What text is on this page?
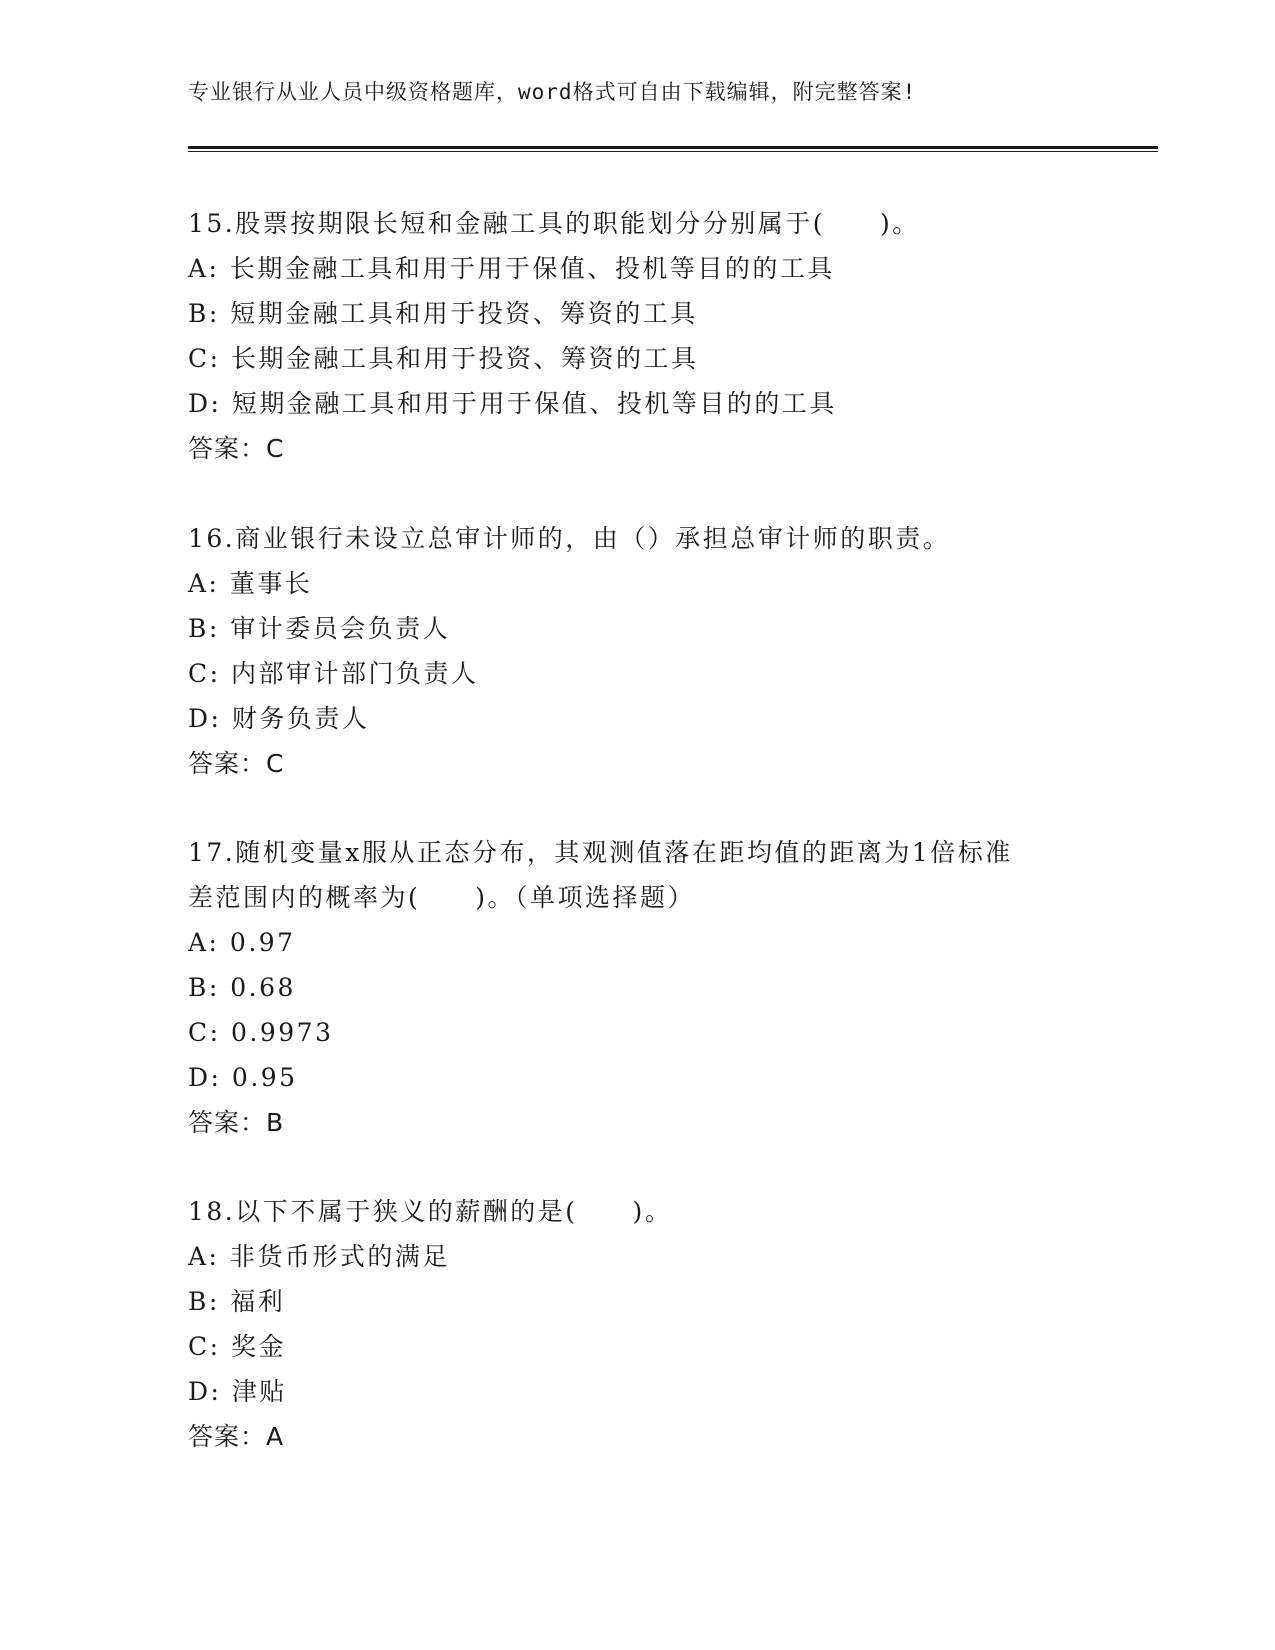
专业银行从业人员中级资格题库，word格式可自由下载编辑，附完整答案!
15.股票按期限长短和金融工具的职能划分分别属于(　　)。
A: 长期金融工具和用于用于保值、投机等目的的工具
B: 短期金融工具和用于投资、筹资的工具
C: 长期金融工具和用于投资、筹资的工具
D: 短期金融工具和用于用于保值、投机等目的的工具
答案：C
16.商业银行未设立总审计师的，由（）承担总审计师的职责。
A: 董事长
B: 审计委员会负责人
C: 内部审计部门负责人
D: 财务负责人
答案：C
17.随机变量x服从正态分布，其观测值落在距均值的距离为1倍标准
差范围内的概率为(　　)。（单项选择题）
A: 0.97
B: 0.68
C: 0.9973
D: 0.95
答案：B
18.以下不属于狭义的薪酬的是(　　)。
A: 非货币形式的满足
B: 福利
C: 奖金
D: 津贴
答案：A
